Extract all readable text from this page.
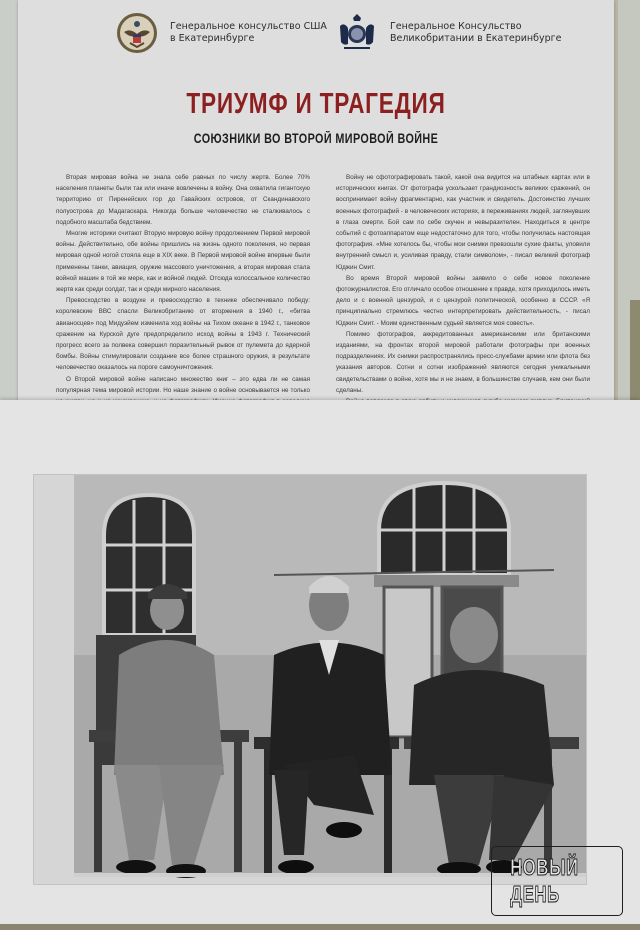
Генеральное консульство США
в Екатеринбурге
Генеральное Консульство
Великобритании в Екатеринбурге
ТРИУМФ И ТРАГЕДИЯ
СОЮЗНИКИ ВО ВТОРОЙ МИРОВОЙ ВОЙНЕ

Вторая мировая война не знала себе равных по числу жертв. Более 70% населения планеты были так или иначе вовлечены в войну. Она охватила гигантскую территорию от Пиренейских гор до Гавайских островов, от Скандинавского полуострова до Мадагаскара. Никогда больше человечество не сталкивалось с подобного масштаба бедствием.

Многие историки считают Вторую мировую войну продолжением Первой мировой войны. Действительно, обе войны пришлись на жизнь одного поколения, но первая мировая одной ногой стояла еще в XIX веке. В Первой мировой войне впервые были применены танки, авиация, оружие массового уничтожения, а вторая мировая стала войной машин в той же мере, как и войной людей. Отсюда колоссальное количество жертв как среди солдат, так и среди мирного населения.

Превосходство в воздухе и превосходство в технике обеспечивало победу: королевские ВВС спасли Великобританию от вторжения в 1940 г., «битва авианосцев» под Мидуэйем изменила ход войны на Тихом океане в 1942 г., танковое сражение на Курской дуге предопределило исход войны в 1943 г. Технический прогресс всего за полвека совершил поразительный рывок от пулемета до ядерной бомбы. Войны стимулировали создание все более страшного оружия, в результате человечество оказалось на пороге самоуничтожения.

О Второй мировой войне написано множество книг – это едва ли не самая популярная тема мировой истории. Но наше знание о войне основывается не только

Войну не сфотографировать такой, какой она видится на штабных картах или в исторических книгах. От фотографа ускользает грандиозность великих сражений, он воспринимает войну фрагментарно, как участник и свидетель. Достоинство лучших военных фотографий - в человеческих историях, в переживаниях людей, заглянувших в глаза смерти. Бой сам по себе скучен и невыразителен. Находиться в центре событий с фотоаппаратом еще недостаточно для того, чтобы получилась настоящая фотография. «Мне хотелось бы, чтобы мои снимки превзошли сухие факты, уловили внутренний смысл и, усиливая правду, стали символом», - писал великий фотограф Юджин Смит.

Во время Второй мировой войны заявило о себе новое поколение фотожурналистов. Его отличало особое отношение к правде, хотя приходилось иметь дело и с военной цензурой, и с цензурой политической, особенно в СССР. «Я принципиально стремлюсь честно интерпретировать действительность, - писал Юджин Смит. - Моим единственным судьей является моя совесть».

Помимо фотографов, аккредитованных американскими или британскими изданиями, на фронтах второй мировой работали фотографы при военных подразделениях. Их снимки распространялись пресс-службами армии или флота без указания авторов. Сотни и сотни изображений являются сегодня уникальными свидетельствами о войне, хотя мы и не знаем, в большинстве случаев, кем они были сделаны.

НОВЫЙ ДЕНЬ
